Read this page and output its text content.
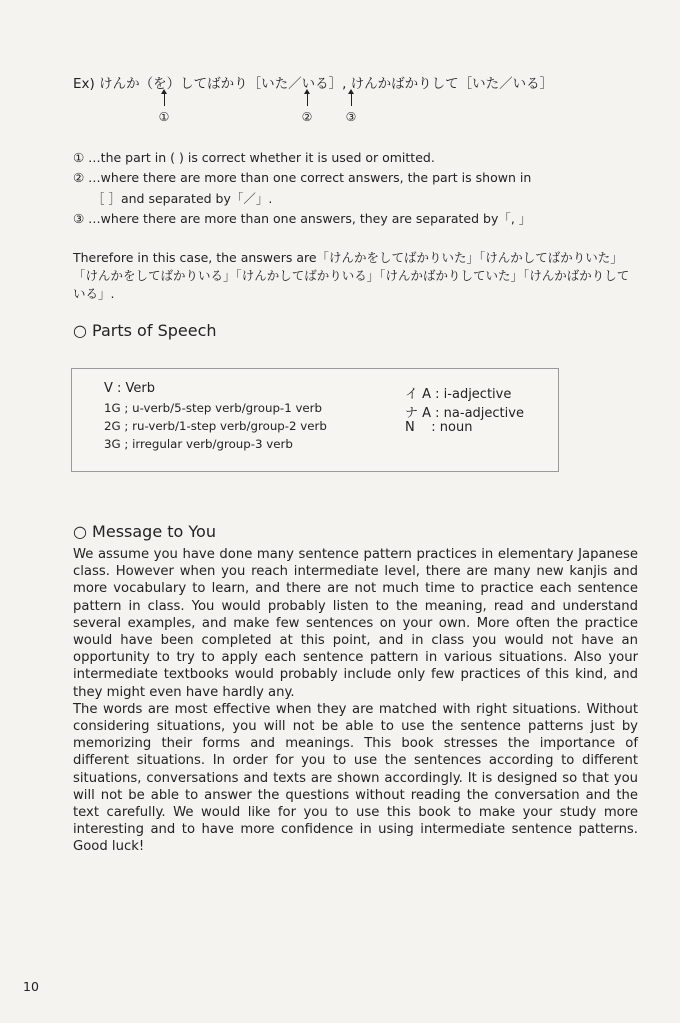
Ex) けんか（を）してばかり［いた／いる］, けんかばかりして［いた／いる］
①	②	③
① …the part in ( ) is correct whether it is used or omitted.
② …where there are more than one correct answers, the part is shown in
［ ］and separated by「／」.
③ …where there are more than one answers, they are separated by「, 」
Therefore in this case, the answers are「けんかをしてばかりいた」「けんかしてばかりいた」
「けんかをしてばかりいる」「けんかしてばかりいる」「けんかばかりしていた」「けんかばかりして
いる」.
○ Parts of Speech
V : Verb
1G ; u-verb/5-step verb/group-1 verb
2G ; ru-verb/1-step verb/group-2 verb
3G ; irregular verb/group-3 verb
イ A : i-adjective
ナ A : na-adjective
N    : noun
○ Message to You

We assume you have done many sentence pattern practices in elementary Japanese class. However when you reach intermediate level, there are many new kanjis and more vocabulary to learn, and there are not much time to practice each sentence pattern in class. You would probably listen to the meaning, read and understand several examples, and make few sentences on your own. More often the practice would have been completed at this point, and in class you would not have an opportunity to try to apply each sentence pattern in various situations. Also your intermediate textbooks would probably include only few practices of this kind, and they might even have hardly any.

The words are most effective when they are matched with right situations. Without considering situations, you will not be able to use the sentence patterns just by memorizing their forms and meanings. This book stresses the importance of different situations. In order for you to use the sentences according to different situations, conversations and texts are shown accordingly. It is designed so that you will not be able to answer the questions without reading the conversation and the text carefully. We would like for you to use this book to make your study more interesting and to have more confidence in using intermediate sentence patterns. Good luck!

10
